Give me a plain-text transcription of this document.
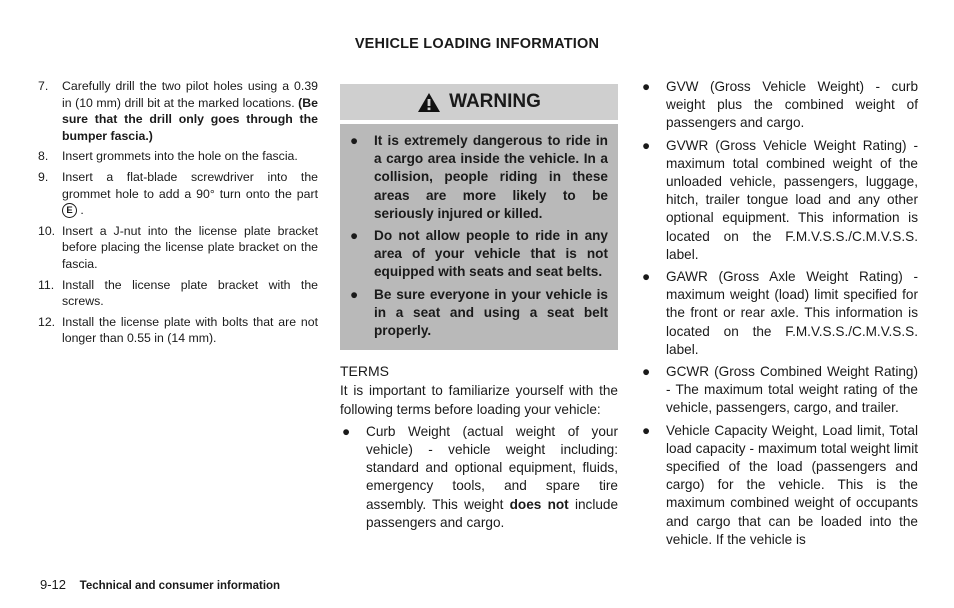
VEHICLE LOADING INFORMATION
7.	Carefully drill the two pilot holes using a 0.39 in (10 mm) drill bit at the marked locations. (Be sure that the drill only goes through the bumper fascia.)
8.	Insert grommets into the hole on the fascia.
9.	Insert a flat-blade screwdriver into the grommet hole to add a 90° turn onto the part E .
10. Insert a J-nut into the license plate bracket before placing the license plate bracket on the fascia.
11. Install the license plate bracket with the screws.
12. Install the license plate with bolts that are not longer than 0.55 in (14 mm).
WARNING
●	It is extremely dangerous to ride in a cargo area inside the vehicle. In a collision, people riding in these areas are more likely to be seriously injured or killed.
●	Do not allow people to ride in any area of your vehicle that is not equipped with seats and seat belts.
●	Be sure everyone in your vehicle is in a seat and using a seat belt properly.
TERMS
It is important to familiarize yourself with the following terms before loading your vehicle:
●	Curb Weight (actual weight of your vehicle) - vehicle weight including: standard and optional equipment, fluids, emergency tools, and spare tire assembly. This weight does not include passengers and cargo.
●	GVW (Gross Vehicle Weight) - curb weight plus the combined weight of passengers and cargo.
●	GVWR (Gross Vehicle Weight Rating) - maximum total combined weight of the unloaded vehicle, passengers, luggage, hitch, trailer tongue load and any other optional equipment. This information is located on the F.M.V.S.S./C.M.V.S.S. label.
●	GAWR (Gross Axle Weight Rating) - maximum weight (load) limit specified for the front or rear axle. This information is located on the F.M.V.S.S./C.M.V.S.S. label.
●	GCWR (Gross Combined Weight Rating) - The maximum total weight rating of the vehicle, passengers, cargo, and trailer.
●	Vehicle Capacity Weight, Load limit, Total load capacity - maximum total weight limit specified of the load (passengers and cargo) for the vehicle. This is the maximum combined weight of occupants and cargo that can be loaded into the vehicle. If the vehicle is
9-12 Technical and consumer information
